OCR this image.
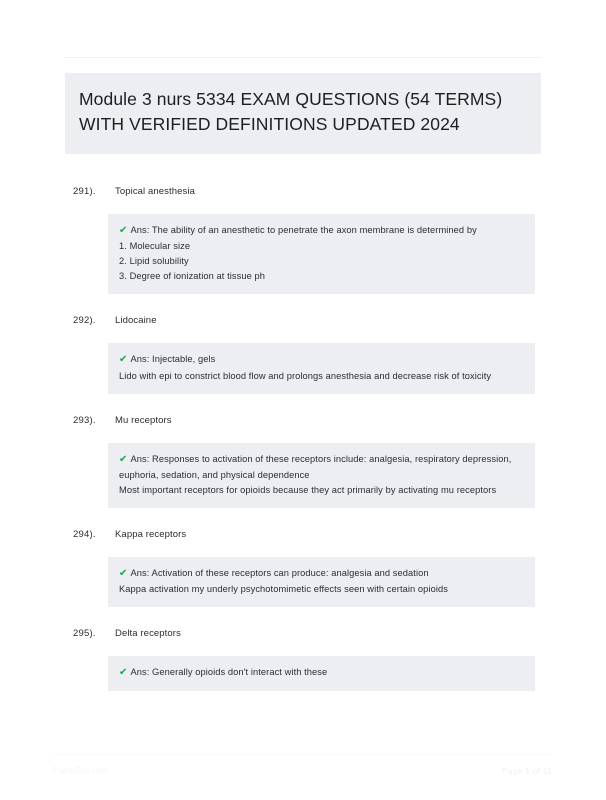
Module 3 nurs 5334 EXAM QUESTIONS (54 TERMS) WITH VERIFIED DEFINITIONS UPDATED 2024
291).	Topical anesthesia
✔ Ans: The ability of an anesthetic to penetrate the axon membrane is determined by
1. Molecular size
2. Lipid solubility
3. Degree of ionization at tissue ph
292).	Lidocaine
✔ Ans: Injectable, gels
Lido with epi to constrict blood flow and prolongs anesthesia and decrease risk of toxicity
293).	Mu receptors
✔ Ans: Responses to activation of these receptors include: analgesia, respiratory depression, euphoria, sedation, and physical dependence
Most important receptors for opioids because they act primarily by activating mu receptors
294).	Kappa receptors
✔ Ans: Activation of these receptors can produce: analgesia and sedation
Kappa activation my underly psychotomimetic effects seen with certain opioids
295).	Delta receptors
✔ Ans: Generally opioids don't interact with these
PaperStic.com	Page 1 of 11
